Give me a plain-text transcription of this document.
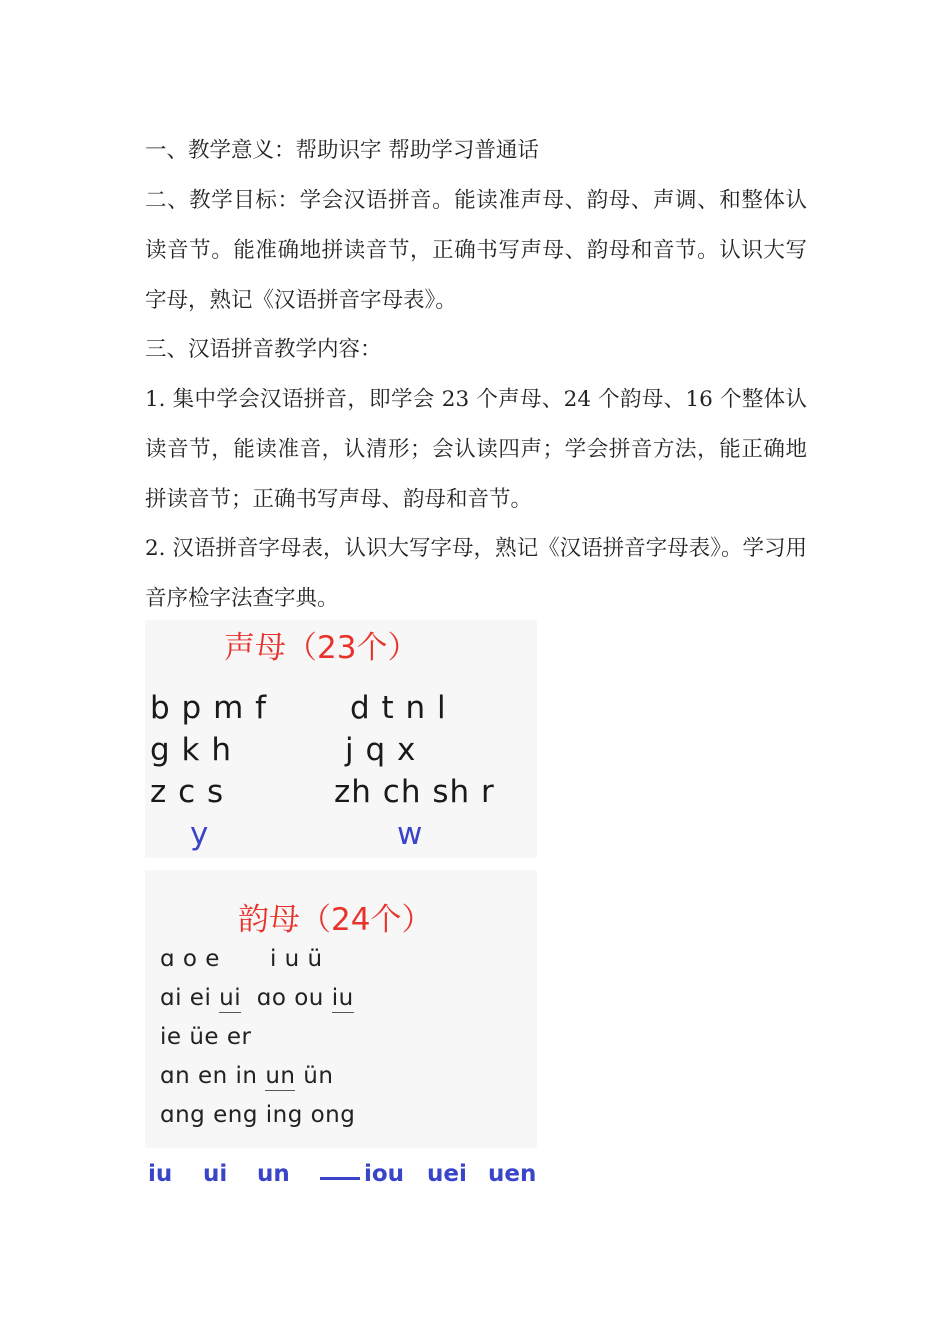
一、教学意义：帮助识字 帮助学习普通话

二、教学目标：学会汉语拼音。能读准声母、韵母、声调、和整体认读音节。能准确地拼读音节，正确书写声母、韵母和音节。认识大写字母，熟记《汉语拼音字母表》。

三、汉语拼音教学内容：

1. 集中学会汉语拼音，即学会 23 个声母、24 个韵母、16 个整体认读音节，能读准音，认清形；会认读四声；学会拼音方法，能正确地拼读音节；正确书写声母、韵母和音节。

2. 汉语拼音字母表，认识大写字母，熟记《汉语拼音字母表》。学习用音序检字法查字典。

声母（23个）
b p m f	d t n l
g k h	j q x
z c s	zh ch sh r
y	w
韵母（24个）
ɑ o e i u ü
ɑi ei ui  ɑo ou iu
ie üe er
ɑn en in un ün
ɑng eng ing ong
iu ui un	iou uei uen
